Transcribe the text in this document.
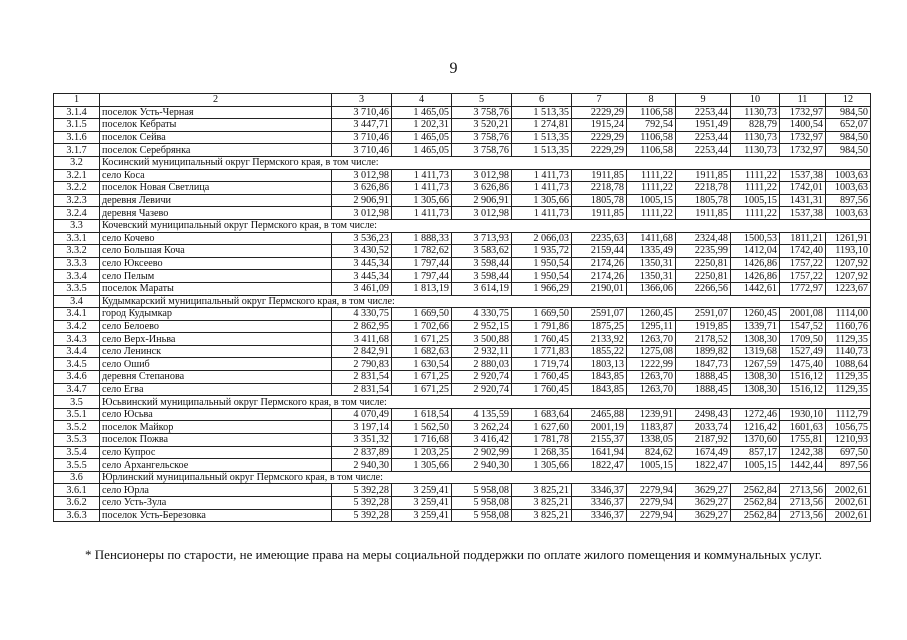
9
1	2	3	4	5	6	7	8	9	10	11	12
3.1.4	поселок Усть-Черная	3 710,46	1 465,05	3 758,76	1 513,35	2229,29	1106,58	2253,44	1130,73	1732,97	984,50
3.1.5	поселок Кебраты	3 447,71	1 202,31	3 520,21	1 274,81	1915,24	792,54	1951,49	828,79	1400,54	652,07
3.1.6	поселок Сейва	3 710,46	1 465,05	3 758,76	1 513,35	2229,29	1106,58	2253,44	1130,73	1732,97	984,50
3.1.7	поселок Серебрянка	3 710,46	1 465,05	3 758,76	1 513,35	2229,29	1106,58	2253,44	1130,73	1732,97	984,50
3.2	Косинский муниципальный округ Пермского края, в том числе:										
3.2.1	село Коса	3 012,98	1 411,73	3 012,98	1 411,73	1911,85	1111,22	1911,85	1111,22	1537,38	1003,63
3.2.2	поселок Новая Светлица	3 626,86	1 411,73	3 626,86	1 411,73	2218,78	1111,22	2218,78	1111,22	1742,01	1003,63
3.2.3	деревня Левичи	2 906,91	1 305,66	2 906,91	1 305,66	1805,78	1005,15	1805,78	1005,15	1431,31	897,56
3.2.4	деревня Чазево	3 012,98	1 411,73	3 012,98	1 411,73	1911,85	1111,22	1911,85	1111,22	1537,38	1003,63
3.3	Кочевский муниципальный округ Пермского края, в том числе:										
3.3.1	село Кочево	3 536,23	1 888,33	3 713,93	2 066,03	2235,63	1411,68	2324,48	1500,53	1811,21	1261,91
3.3.2	село Большая Коча	3 430,52	1 782,62	3 583,62	1 935,72	2159,44	1335,49	2235,99	1412,04	1742,40	1193,10
3.3.3	село Юксеево	3 445,34	1 797,44	3 598,44	1 950,54	2174,26	1350,31	2250,81	1426,86	1757,22	1207,92
3.3.4	село Пелым	3 445,34	1 797,44	3 598,44	1 950,54	2174,26	1350,31	2250,81	1426,86	1757,22	1207,92
3.3.5	поселок Мараты	3 461,09	1 813,19	3 614,19	1 966,29	2190,01	1366,06	2266,56	1442,61	1772,97	1223,67
3.4	Кудымкарский муниципальный округ Пермского края, в том числе:										
3.4.1	город Кудымкар	4 330,75	1 669,50	4 330,75	1 669,50	2591,07	1260,45	2591,07	1260,45	2001,08	1114,00
3.4.2	село Белоево	2 862,95	1 702,66	2 952,15	1 791,86	1875,25	1295,11	1919,85	1339,71	1547,52	1160,76
3.4.3	село Верх-Иньва	3 411,68	1 671,25	3 500,88	1 760,45	2133,92	1263,70	2178,52	1308,30	1709,50	1129,35
3.4.4	село Ленинск	2 842,91	1 682,63	2 932,11	1 771,83	1855,22	1275,08	1899,82	1319,68	1527,49	1140,73
3.4.5	село Ошиб	2 790,83	1 630,54	2 880,03	1 719,74	1803,13	1222,99	1847,73	1267,59	1475,40	1088,64
3.4.6	деревня Степанова	2 831,54	1 671,25	2 920,74	1 760,45	1843,85	1263,70	1888,45	1308,30	1516,12	1129,35
3.4.7	село Егва	2 831,54	1 671,25	2 920,74	1 760,45	1843,85	1263,70	1888,45	1308,30	1516,12	1129,35
3.5	Юсьвинский муниципальный округ Пермского края, в том числе:										
3.5.1	село Юсьва	4 070,49	1 618,54	4 135,59	1 683,64	2465,88	1239,91	2498,43	1272,46	1930,10	1112,79
3.5.2	поселок Майкор	3 197,14	1 562,50	3 262,24	1 627,60	2001,19	1183,87	2033,74	1216,42	1601,63	1056,75
3.5.3	поселок Пожва	3 351,32	1 716,68	3 416,42	1 781,78	2155,37	1338,05	2187,92	1370,60	1755,81	1210,93
3.5.4	село Купрос	2 837,89	1 203,25	2 902,99	1 268,35	1641,94	824,62	1674,49	857,17	1242,38	697,50
3.5.5	село Архангельское	2 940,30	1 305,66	2 940,30	1 305,66	1822,47	1005,15	1822,47	1005,15	1442,44	897,56
3.6	Юрлинский муниципальный округ Пермского края, в том числе:										
3.6.1	село Юрла	5 392,28	3 259,41	5 958,08	3 825,21	3346,37	2279,94	3629,27	2562,84	2713,56	2002,61
3.6.2	село Усть-Зула	5 392,28	3 259,41	5 958,08	3 825,21	3346,37	2279,94	3629,27	2562,84	2713,56	2002,61
3.6.3	поселок Усть-Березовка	5 392,28	3 259,41	5 958,08	3 825,21	3346,37	2279,94	3629,27	2562,84	2713,56	2002,61
* Пенсионеры по старости, не имеющие права на меры социальной поддержки по оплате жилого помещения и коммунальных услуг.
